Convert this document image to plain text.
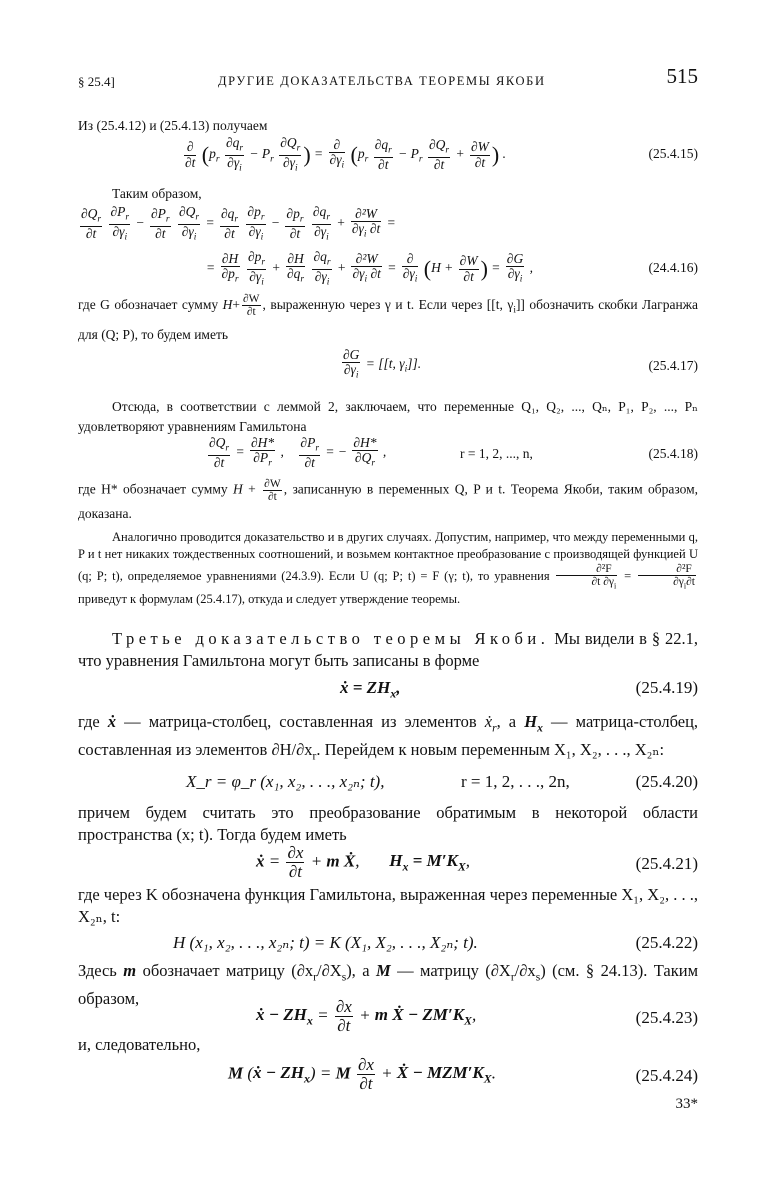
§ 25.4]	ДРУГИЕ ДОКАЗАТЕЛЬСТВА ТЕОРЕМЫ ЯКОБИ	515
Из (25.4.12) и (25.4.13) получаем
$\frac{\partial}{\partial t} (p_r \frac{\partial q_r}{\partial\gamma_i} - P_r \frac{\partial Q_r}{\partial\gamma_i}$ ) = $\frac{\partial}{\partial\gamma_i} (p_r \frac{\partial q_r}{\partial t} - P_r \frac{\partial Q_r}{\partial t} + \frac{\partial W}{\partial t}$ ) .	(25.4.15)
Таким образом,
$\frac{\partial Q_r}{\partial t}$
$\frac{\partial P_r}{\partial\gamma_i} - \frac{\partial P_r}{\partial t}$
$\frac{\partial Q_r}{\partial\gamma_i} = \frac{\partial q_r}{\partial t}$
$\frac{\partial p_r}{\partial\gamma_i} - \frac{\partial p_r}{\partial t}$
$\frac{\partial q_r}{\partial\gamma_i} + \frac{\text{∂²W}}{\partial\gamma_i \partial t}$ =
= $\frac{\partial H}{\partial p_r}$
$\frac{\partial p_r}{\partial\gamma_i} + \frac{\partial H}{\partial q_r}$
$\frac{\partial q_r}{\partial\gamma_i} + \frac{\text{∂²W}}{\partial\gamma_i \partial t} = \frac{\partial}{\partial\gamma_i} (H + \frac{\partial W}{\partial t}$ ) = $\frac{\partial G}{\partial\gamma_i}$ ,	(24.4.16)
где G обозначает сумму $H+ \frac{\partial W}{\partial t}$ , выраженную через γ и t. Если через [[t, $\gamma_i$]] обозначить скобки Лагранжа для (Q; P), то будем иметь
$\frac{\partial G}{\partial\gamma_i} = [[t$, $\gamma_i$]].	(25.4.17)
Отсюда, в соответствии с леммой 2, заключаем, что переменные Q₁, Q₂, ..., Qₙ, P₁, P₂, ..., Pₙ удовлетворяют уравнениям Гамильтона
$\frac{\partial Q_r}{\partial t} = \frac{\partial H*}{\partial P_r}$ , $\frac{\partial P_r}{\partial t}$ = − $\frac{\partial H*}{\partial Q_r}$ ,	r = 1, 2, ..., n,	(25.4.18)
где H* обозначает сумму $H + \frac{\partial W}{\partial t}$ , записанную в переменных Q, P и t. Теорема Якоби, таким образом, доказана.
Аналогично проводится доказательство и в других случаях. Допустим, например, что между переменными q, P и t нет никаких тождественных соотношений, и возьмем контактное преобразование с производящей функцией U (q; P; t), определяемое уравнениями (24.3.9). Если U (q; P; t) = F (γ; t), то уравнения $\frac{\text{∂²F}}{\partial t \partial\gamma_i} = \frac{\text{∂²F}}{\partial\gamma_i\partial t}$
приведут к формулам (25.4.17), откуда и следует утверждение теоремы.
Третье доказательство теоремы Якоби. Мы видели в § 22.1, что уравнения Гамильтона могут быть записаны в форме
ẋ = $ZH_x$,	(25.4.19)
где ẋ — матрица-столбец, составленная из элементов ẋ$_r$, а $H_x$ — матрица-столбец, составленная из элементов $\partial H/\partial x_r$. Перейдем к новым переменным X₁, X₂, . . ., X₂ₙ:
X_r = φ_r (x₁, x₂, . . ., x₂ₙ; t),	r = 1, 2, . . ., 2n,	(25.4.20)
причем будем считать это преобразование обратимым в некоторой области пространства (x; t). Тогда будем иметь
ẋ = $\frac{\partial x}{\partial t} + m$ Ẋ,       $H_x = M'K_X$,	(25.4.21)
где через K обозначена функция Гамильтона, выраженная через переменные X₁, X₂, . . ., X₂ₙ, t:
H (x₁, x₂, . . ., x₂ₙ; t) = K (X₁, X₂, . . ., X₂ₙ; t).	(25.4.22)
Здесь m обозначает матрицу $(\partial x_r/\partial X_s)$, а M — матрицу $(\partial X_r/\partial x_s)$ (см. § 24.13). Таким образом,
ẋ − $ZH_x = \frac{\partial x}{\partial t} + m$ Ẋ − $ZM'K_X$,	(25.4.23)
и, следовательно,
M (ẋ − $ZH_x) = M \frac{\partial x}{\partial t}$ + Ẋ − $MZM'K_X$.	(25.4.24)
33*
